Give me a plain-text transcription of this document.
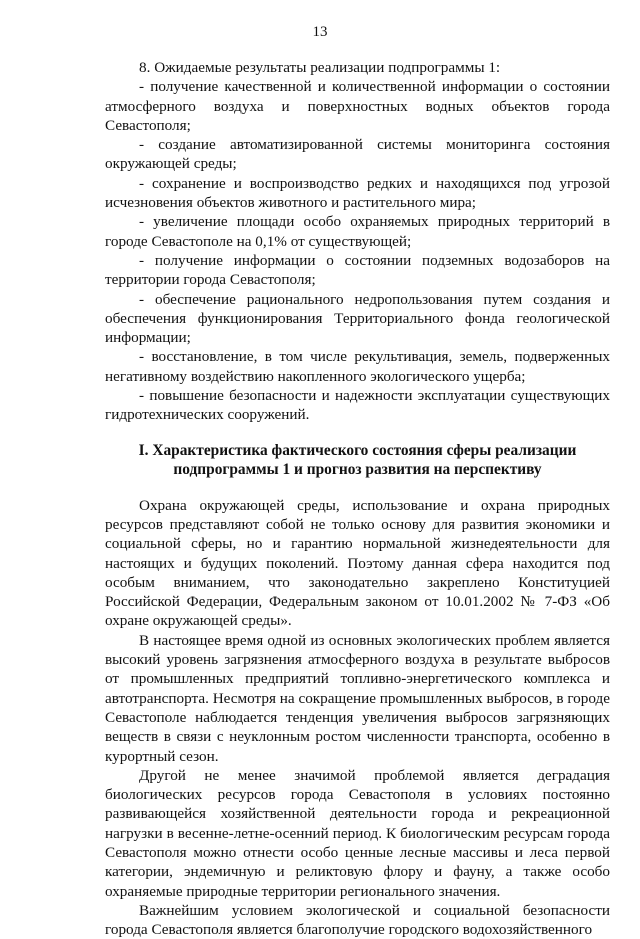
13

8. Ожидаемые результаты реализации подпрограммы 1:

- получение качественной и количественной информации о состоянии атмосферного воздуха и поверхностных водных объектов города Севастополя;

- создание автоматизированной системы мониторинга состояния окружающей среды;

- сохранение и воспроизводство редких и находящихся под угрозой исчезновения объектов животного и растительного мира;

- увеличение площади особо охраняемых природных территорий в городе Севастополе на 0,1% от существующей;

- получение информации о состоянии подземных водозаборов на территории города Севастополя;

- обеспечение рационального недропользования путем создания и обеспечения функционирования Территориального фонда геологической информации;

- восстановление, в том числе рекультивация, земель, подверженных негативному воздействию накопленного экологического ущерба;

- повышение безопасности и надежности эксплуатации существующих гидротехнических сооружений.

I. Характеристика фактического состояния сферы реализации
подпрограммы 1 и прогноз развития на перспективу

Охрана окружающей среды, использование и охрана природных ресурсов представляют собой не только основу для развития экономики и социальной сферы, но и гарантию нормальной жизнедеятельности для настоящих и будущих поколений. Поэтому данная сфера находится под особым вниманием, что законодательно закреплено Конституцией Российской Федерации, Федеральным законом от 10.01.2002 № 7-ФЗ «Об охране окружающей среды».

В настоящее время одной из основных экологических проблем является высокий уровень загрязнения атмосферного воздуха в результате выбросов от промышленных предприятий топливно-энергетического комплекса и автотранспорта. Несмотря на сокращение промышленных выбросов, в городе Севастополе наблюдается тенденция увеличения выбросов загрязняющих веществ в связи с неуклонным ростом численности транспорта, особенно в курортный сезон.

Другой не менее значимой проблемой является деградация биологических ресурсов города Севастополя в условиях постоянно развивающейся хозяйственной деятельности города и рекреационной нагрузки в весенне-летне-осенний период. К биологическим ресурсам города Севастополя можно отнести особо ценные лесные массивы и леса первой категории, эндемичную и реликтовую флору и фауну, а также особо охраняемые природные территории регионального значения.

Важнейшим условием экологической и социальной безопасности города Севастополя является благополучие городского водохозяйственного
